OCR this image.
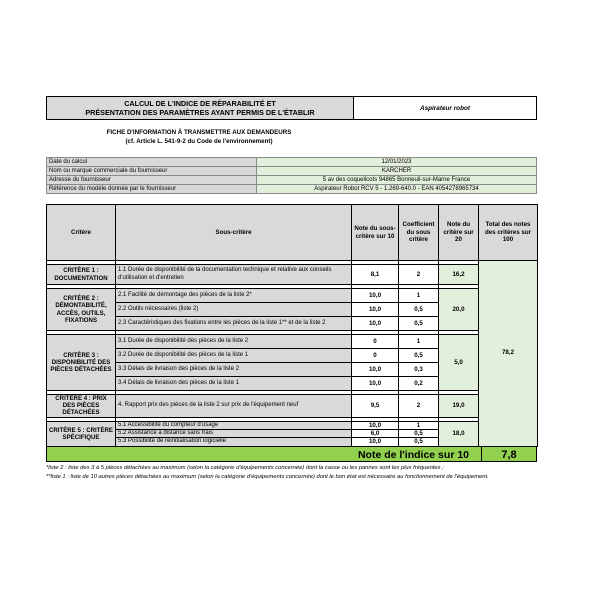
CALCUL DE L'INDICE DE RÉPARABILITÉ ET
PRÉSENTATION DES PARAMÈTRES AYANT PERMIS DE L'ÉTABLIR	Aspirateur robot
FICHE D'INFORMATION À TRANSMETTRE AUX DEMANDEURS
(cf. Article L. 541-9-2 du Code de l'environnement)
Date du calcul	12/01/2023
Nom ou marque commerciale du fournisseur	KARCHER
Adresse du fournisseur	5 av des coquelicots 94865 Bonneuil-sur-Marne France
Référence du modèle donnée par le fournisseur	Aspirateur Robot RCV 5 - 1.269-640.0 - EAN 4054278965734
Critère	Sous-critère	Note du sous-critère sur 10	Coefficient du sous critère	Note du critère sur 20	Total des notes des critères sur 100
					78,2
CRITÈRE 1 : DOCUMENTATION	1.1 Durée de disponibilité de la documentation technique et relative aux conseils d'utilisation et d'entretien	8,1	2	16,2	

CRITÈRE 2 : DÉMONTABILITÉ, ACCÈS, OUTILS, FIXATIONS	2.1 Facilité de démontage des pièces de la liste 2*	10,0	1	20,0	
	2.2 Outils nécessaires (liste 2)	10,0	0,5		
	2.3 Caractéristiques des fixations entre les pièces de la liste 1** et de la liste 2	10,0	0,5		

CRITÈRE 3 : DISPONIBILITÉ DES PIÈCES DÉTACHÉES	3.1 Durée de disponibilité des pièces de la liste 2	0	1	5,0	
	3.2 Durée de disponibilité des pièces de la liste 1	0	0,5		
	3.3 Délais de livraison des pièces de la liste 2	10,0	0,3		
	3.4 Délais de livraison des pièces de la liste 1	10,0	0,2		

CRITÈRE 4 : PRIX DES PIÈCES DÉTACHÉES	4. Rapport prix des pièces de la liste 2 sur prix de l'équipement neuf	9,5	2	19,0	

CRITÈRE 5 : CRITÈRE SPÉCIFIQUE	5.1 Accessibilité du compteur d'usage	10,0	1	18,0	
	5.2 Assistance à distance sans frais	6,0	0,5		
	5.3 Possibilité de réinitialisation logicielle	10,0	0,5		
Note de l'indice sur 10	7,8
*liste 2 : liste des 3 à 5 pièces détachées au maximum (selon la catégorie d'équipements concernée) dont la casse ou les pannes sont les plus fréquentes ;
**liste 1 : liste de 10 autres pièces détachées au maximum (selon la catégorie d'équipements concernée) dont le bon état est nécessaire au fonctionnement de l'équipement.
